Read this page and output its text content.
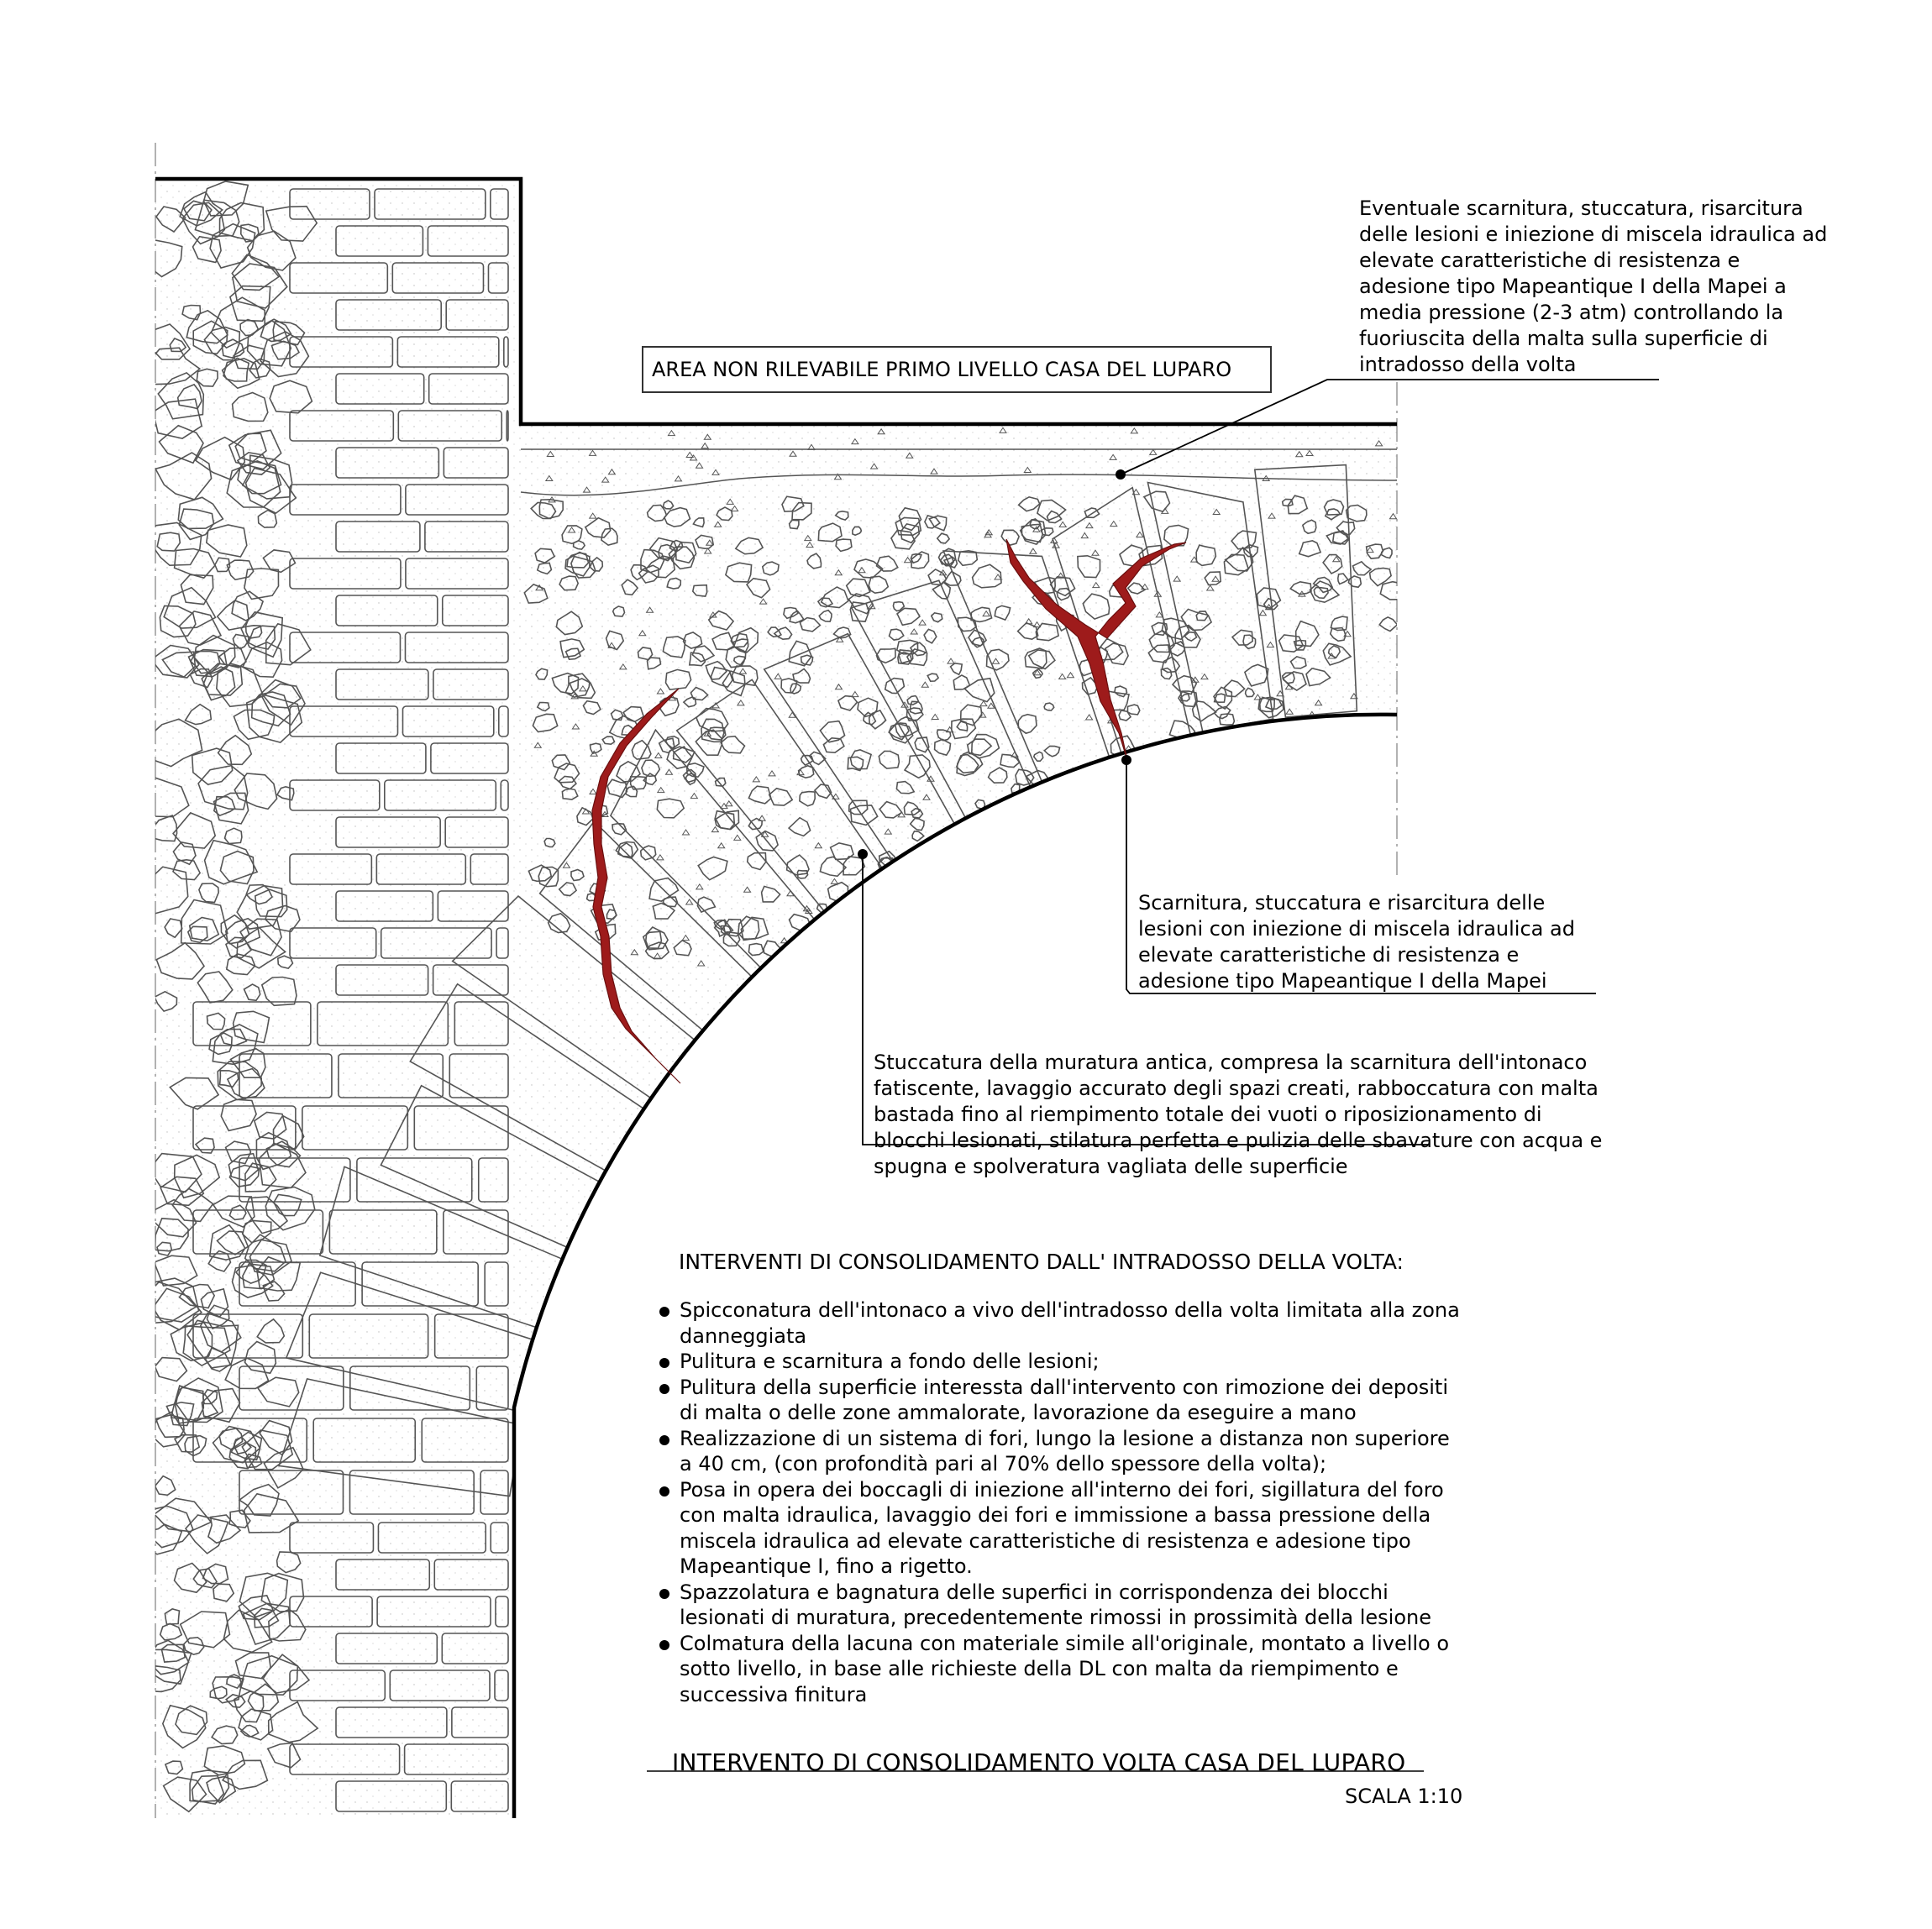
AREA NON RILEVABILE PRIMO LIVELLO CASA DEL LUPARO
Eventuale scarnitura, stuccatura, risarcitura delle lesioni e iniezione di miscela idraulica ad elevate caratteristiche di resistenza e adesione tipo Mapeantique I della Mapei a media pressione (2-3 atm) controllando la fuoriuscita della malta sulla superficie di intradosso della volta
Scarnitura, stuccatura e risarcitura delle lesioni con iniezione di miscela idraulica ad elevate caratteristiche di resistenza e adesione tipo Mapeantique I della Mapei
Stuccatura della muratura antica, compresa la scarnitura dell'intonaco fatiscente, lavaggio accurato degli spazi creati, rabboccatura con malta bastada fino al riempimento totale dei vuoti o riposizionamento di blocchi lesionati, stilatura perfetta e pulizia delle sbavature con acqua e spugna e spolveratura vagliata delle superficie
INTERVENTI DI CONSOLIDAMENTO DALL' INTRADOSSO DELLA VOLTA:
Spicconatura dell'intonaco a vivo dell'intradosso della volta limitata alla zona danneggiata
Pulitura e scarnitura a fondo delle lesioni;
Pulitura della superficie interessta dall'intervento con rimozione dei depositi di malta o delle zone ammalorate, lavorazione da eseguire a mano
Realizzazione di un sistema di fori, lungo la lesione a distanza non superiore a 40 cm, (con profondità pari al 70% dello spessore della volta);
Posa in opera dei boccagli di iniezione all'interno dei fori, sigillatura del foro con malta idraulica, lavaggio dei fori e immissione a bassa pressione della miscela idraulica ad elevate caratteristiche di resistenza e adesione tipo Mapeantique I, fino a rigetto.
Spazzolatura e bagnatura delle superfici in corrispondenza dei blocchi lesionati di muratura, precedentemente rimossi in prossimità della lesione
Colmatura della lacuna con materiale simile all'originale, montato a livello o sotto livello, in base alle richieste della DL con malta da riempimento e successiva finitura
INTERVENTO DI CONSOLIDAMENTO VOLTA CASA DEL LUPARO
SCALA 1:10
